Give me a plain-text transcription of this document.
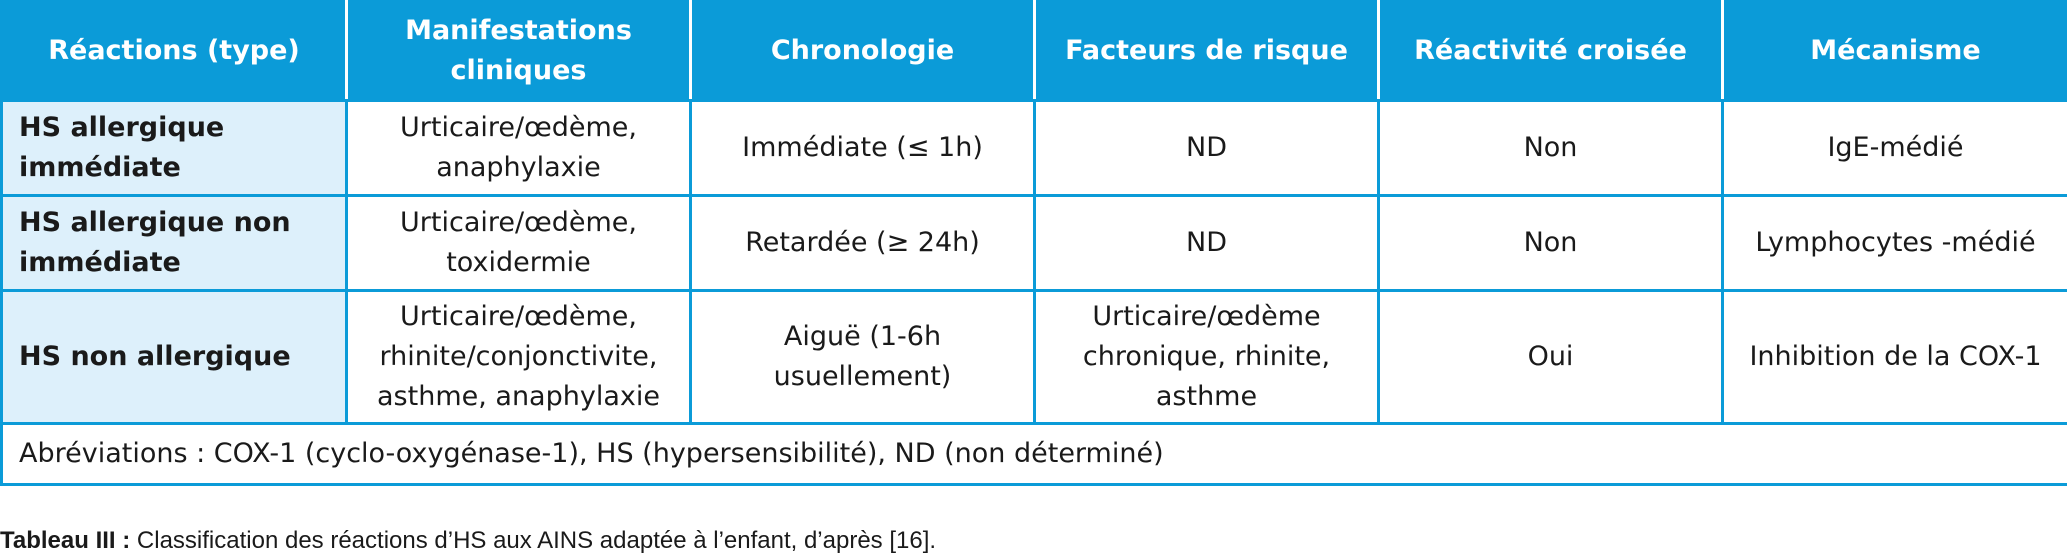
Réactions (type)	Manifestations cliniques	Chronologie	Facteurs de risque	Réactivité croisée	Mécanisme
HS allergique immédiate	Urticaire/œdème, anaphylaxie	Immédiate (≤ 1h)	ND	Non	IgE-médié
HS allergique non immédiate	Urticaire/œdème, toxidermie	Retardée (≥ 24h)	ND	Non	Lymphocytes -médié
HS non allergique	Urticaire/œdème, rhinite/conjonctivite, asthme, anaphylaxie	Aiguë (1-6h usuellement)	Urticaire/œdème chronique, rhinite, asthme	Oui	Inhibition de la COX-1
Abréviations : COX-1 (cyclo-oxygénase-1), HS (hypersensibilité), ND (non déterminé)					
Tableau III : Classification des réactions d’HS aux AINS adaptée à l’enfant, d’après [16].
